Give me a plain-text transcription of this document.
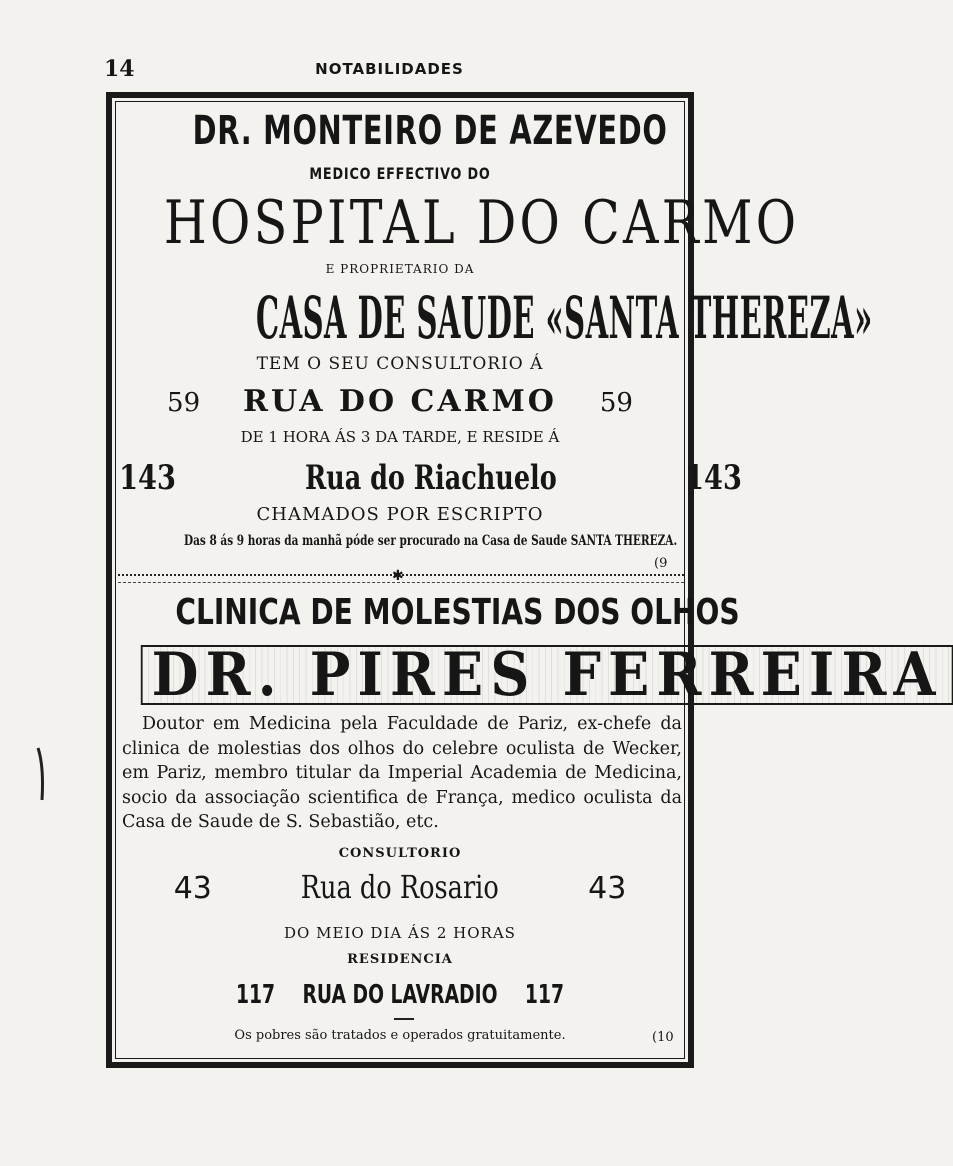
14	NOTABILIDADES
DR. MONTEIRO DE AZEVEDO
MEDICO EFFECTIVO DO
HOSPITAL DO CARMO
E PROPRIETARIO DA
CASA DE SAUDE «SANTA THEREZA»
TEM O SEU CONSULTORIO Á
59 RUA DO CARMO 59
DE 1 HORA ÁS 3 DA TARDE, E RESIDE Á
143	Rua do Riachuelo	143
CHAMADOS POR ESCRIPTO
Das 8 ás 9 horas da manhã póde ser procurado na Casa de Saude SANTA THEREZA.
(9
✱
CLINICA DE MOLESTIAS DOS OLHOS
DR. PIRES FERREIRA
Doutor em Medicina pela Faculdade de Pariz, ex-chefe da clinica de molestias dos olhos do celebre oculista de Wecker, em Pariz, membro titular da Imperial Academia de Medicina, socio da associação scientifica de França, medico oculista da Casa de Saude de S. Sebastião, etc.
CONSULTORIO
43	Rua do Rosario	43
DO MEIO DIA ÁS 2 HORAS
RESIDENCIA
117 RUA DO LAVRADIO 117
Os pobres são tratados e operados gratuitamente.	(10
